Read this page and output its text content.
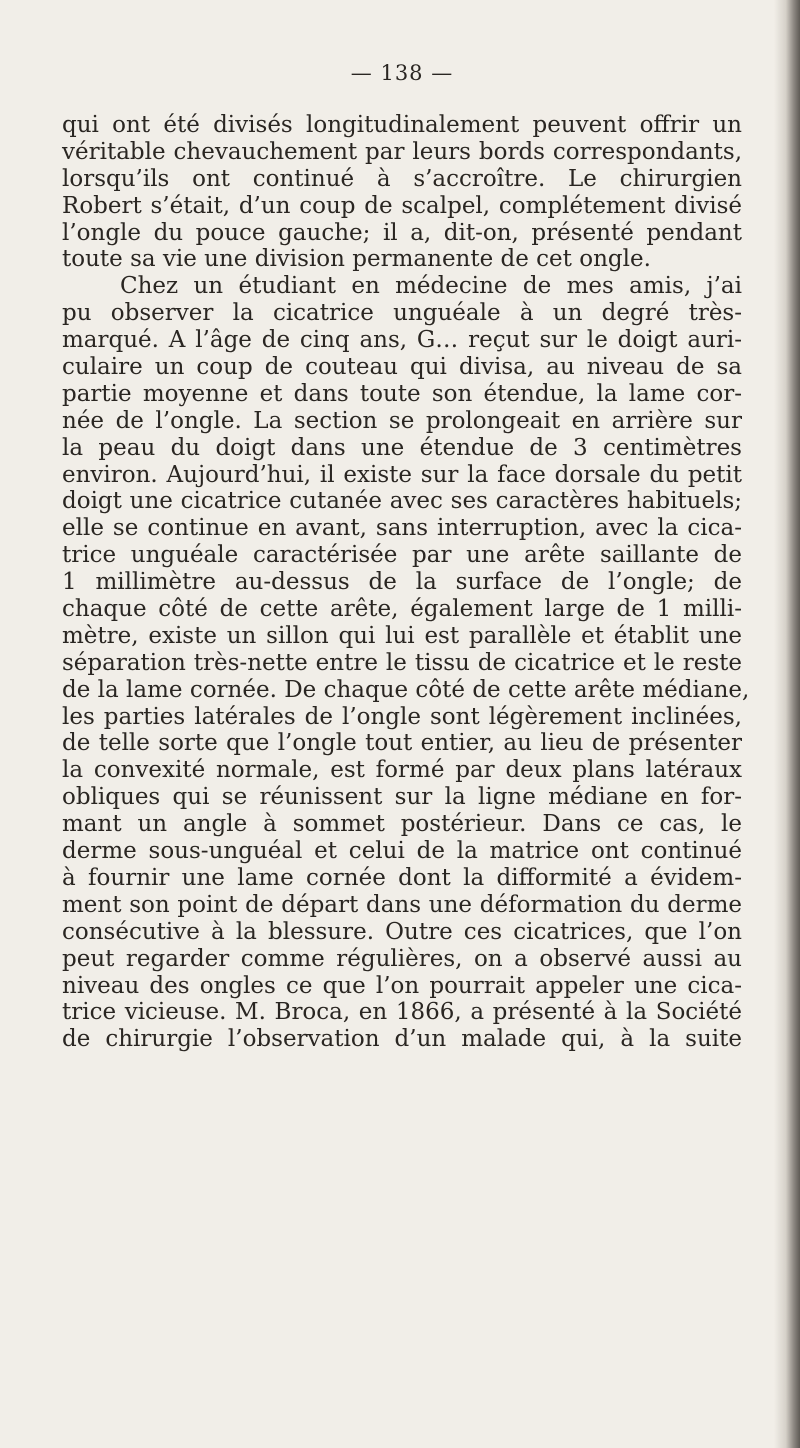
— 138 —

qui ont été divisés longitudinalement peuvent offrir un
véritable chevauchement par leurs bords correspondants,
lorsqu’ils ont continué à s’accroître. Le chirurgien
Robert s’était, d’un coup de scalpel, complétement divisé
l’ongle du pouce gauche; il a, dit-on, présenté pendant
toute sa vie une division permanente de cet ongle.

Chez un étudiant en médecine de mes amis, j’ai
pu observer la cicatrice unguéale à un degré très-
marqué. A l’âge de cinq ans, G… reçut sur le doigt auri-
culaire un coup de couteau qui divisa, au niveau de sa
partie moyenne et dans toute son étendue, la lame cor-
née de l’ongle. La section se prolongeait en arrière sur
la peau du doigt dans une étendue de 3 centimètres
environ. Aujourd’hui, il existe sur la face dorsale du petit
doigt une cicatrice cutanée avec ses caractères habituels;
elle se continue en avant, sans interruption, avec la cica-
trice unguéale caractérisée par une arête saillante de
1 millimètre au-dessus de la surface de l’ongle; de
chaque côté de cette arête, également large de 1 milli-
mètre, existe un sillon qui lui est parallèle et établit une
séparation très-nette entre le tissu de cicatrice et le reste
de la lame cornée. De chaque côté de cette arête médiane,
les parties latérales de l’ongle sont légèrement inclinées,
de telle sorte que l’ongle tout entier, au lieu de présenter
la convexité normale, est formé par deux plans latéraux
obliques qui se réunissent sur la ligne médiane en for-
mant un angle à sommet postérieur. Dans ce cas, le
derme sous-unguéal et celui de la matrice ont continué
à fournir une lame cornée dont la difformité a évidem-
ment son point de départ dans une déformation du derme
consécutive à la blessure. Outre ces cicatrices, que l’on
peut regarder comme régulières, on a observé aussi au
niveau des ongles ce que l’on pourrait appeler une cica-
trice vicieuse. M. Broca, en 1866, a présenté à la Société
de chirurgie l’observation d’un malade qui, à la suite
